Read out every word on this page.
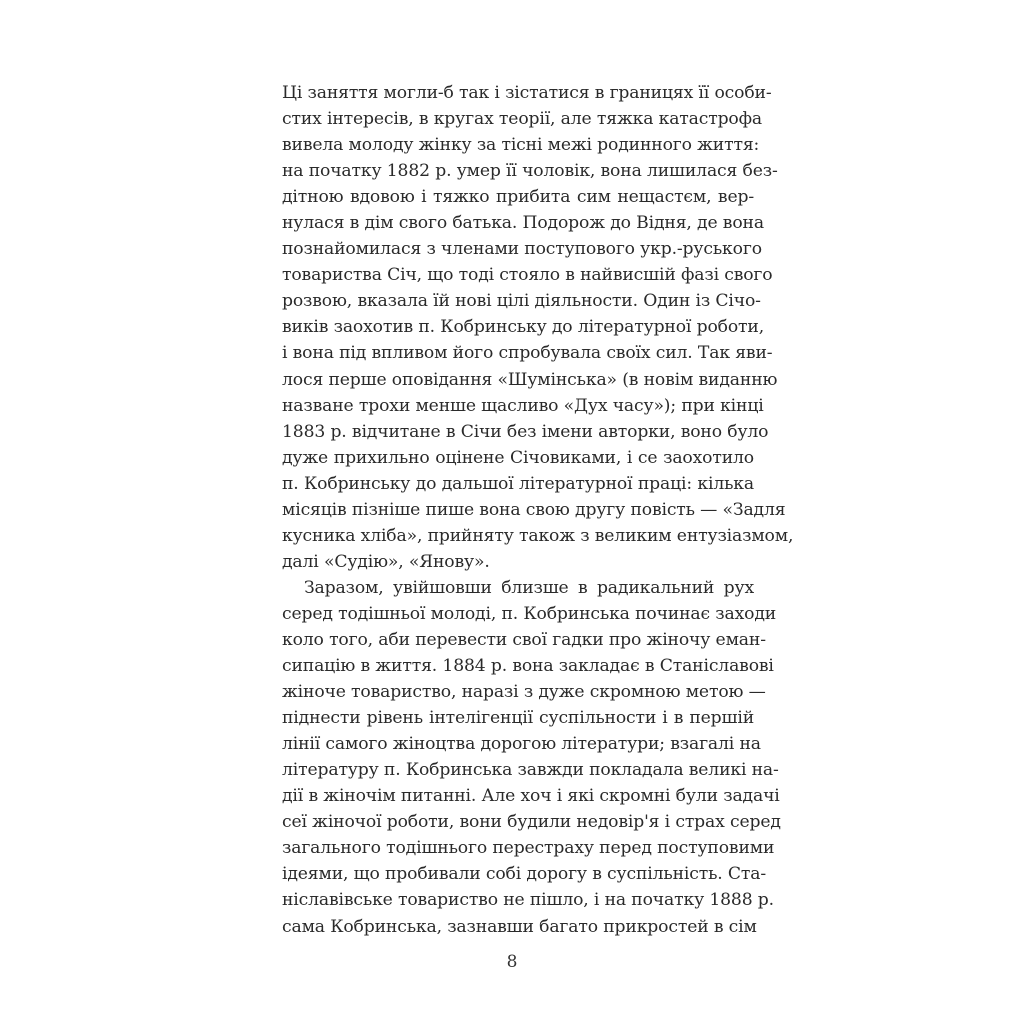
Ці заняття могли-б так і зістатися в границях її особи-
стих інтересів, в кругах теорії, але тяжка катастрофа
вивела молоду жінку за тісні межі родинного життя:
на початку 1882 р. умер її чоловік, вона лишилася без-
дітною вдовою і тяжко прибита сим нещастєм, вер-
нулася в дім свого батька. Подорож до Відня, де вона
познайомилася з членами поступового укр.-руського
товариства Січ, що тоді стояло в найвисшій фазі свого
розвою, вказала їй нові цілі діяльности. Один із Січо-
виків заохотив п. Кобринську до літературної роботи,
і вона під впливом його спробувала своїх сил. Так яви-
лося перше оповідання «Шумінська» (в новім виданню
назване трохи менше щасливо «Дух часу»); при кінці
1883 р. відчитане в Січи без імени авторки, воно було
дуже прихильно оцінене Січовиками, і се заохотило
п. Кобринську до дальшої літературної праці: кілька
місяців пізніше пише вона свою другу повість — «Задля
кусника хліба», прийняту також з великим ентузіазмом,
далі «Судію», «Янову».
Заразом, увійшовши близше в радикальний рух
серед тодішньої молоді, п. Кобринська починає заходи
коло того, аби перевести свої гадки про жіночу еман-
сипацію в життя. 1884 р. вона закладає в Станіславові
жіноче товариство, наразі з дуже скромною метою —
піднести рівень інтелігенції суспільности і в першій
лінії самого жіноцтва дорогою літератури; взагалі на
літературу п. Кобринська завжди покладала великі на-
дії в жіночім питанні. Але хоч і які скромні були задачі
сеї жіночої роботи, вони будили недовір'я і страх серед
загального тодішнього перестраху перед поступовими
ідеями, що пробивали собі дорогу в суспільність. Ста-
ніславівське товариство не пішло, і на початку 1888 р.
сама Кобринська, зазнавши багато прикростей в сім
8
